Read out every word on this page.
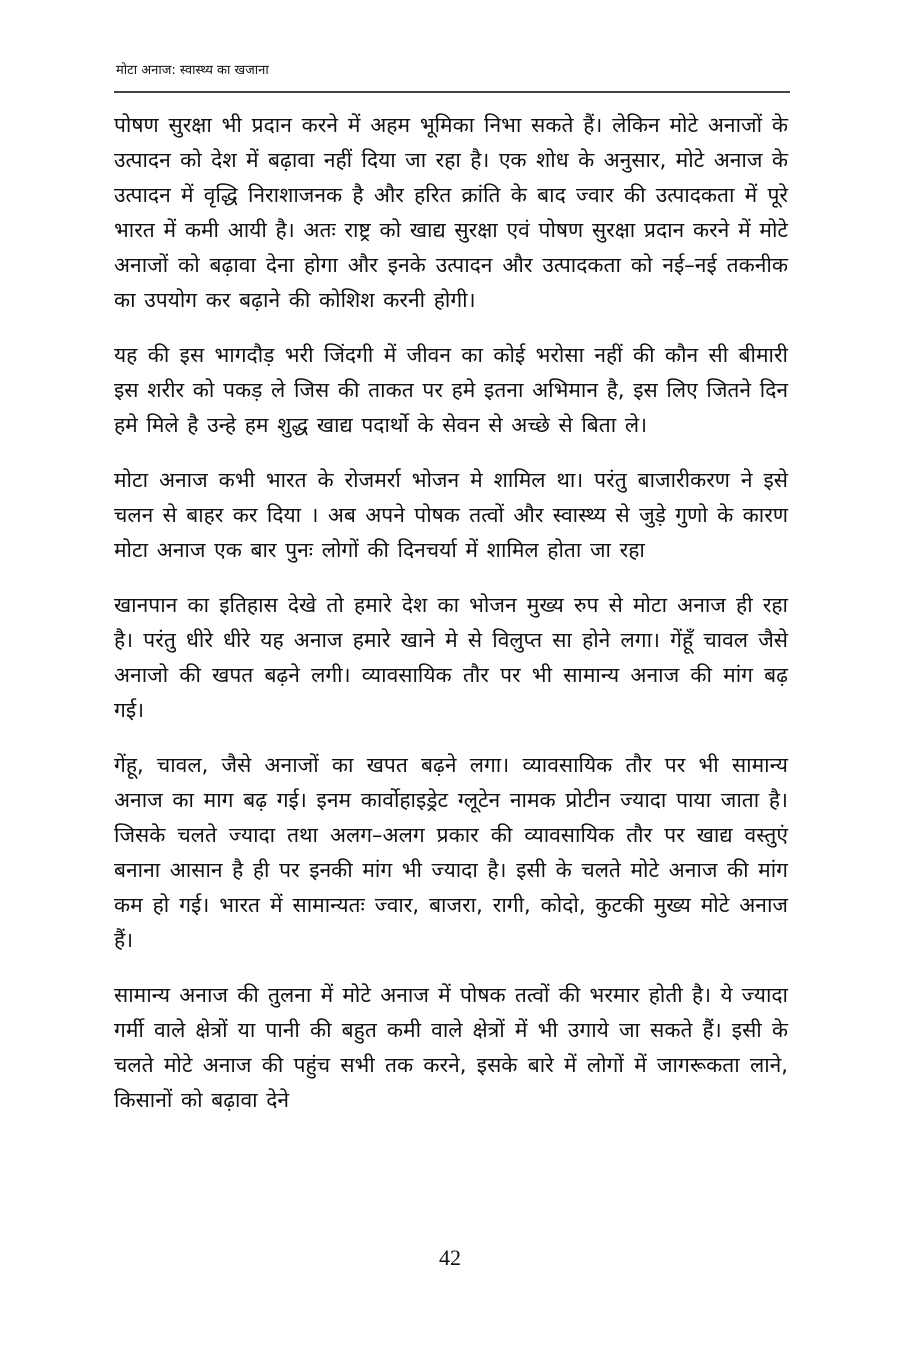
मोटा अनाज: स्वास्थ्य का खजाना

पोषण सुरक्षा भी प्रदान करने में अहम भूमिका निभा सकते हैं। लेकिन मोटे अनाजों के उत्पादन को देश में बढ़ावा नहीं दिया जा रहा है। एक शोध के अनुसार, मोटे अनाज के उत्पादन में वृद्धि निराशाजनक है और हरित क्रांति के बाद ज्वार की उत्पादकता में पूरे भारत में कमी आयी है। अतः राष्ट्र को खाद्य सुरक्षा एवं पोषण सुरक्षा प्रदान करने में मोटे अनाजों को बढ़ावा देना होगा और इनके उत्पादन और उत्पादकता को नई–नई तकनीक का उपयोग कर बढ़ाने की कोशिश करनी होगी।

यह की इस भागदौड़ भरी जिंदगी में जीवन का कोई भरोसा नहीं की कौन सी बीमारी इस शरीर को पकड़ ले जिस की ताकत पर हमे इतना अभिमान है, इस लिए जितने दिन हमे मिले है उन्हे हम शुद्ध खाद्य पदार्थो के सेवन से अच्छे से बिता ले।

मोटा अनाज कभी भारत के रोजमर्रा भोजन मे शामिल था। परंतु बाजारीकरण ने इसे चलन से बाहर कर दिया । अब अपने पोषक तत्वों और स्वास्थ्य से जुड़े गुणो के कारण मोटा अनाज एक बार पुनः लोगों की दिनचर्या में शामिल होता जा रहा

खानपान का इतिहास देखे तो हमारे देश का भोजन मुख्य रुप से मोटा अनाज ही रहा है। परंतु धीरे धीरे यह अनाज हमारे खाने मे से विलुप्त सा होने लगा। गेंहूँ चावल जैसे अनाजो की खपत बढ़ने लगी। व्यावसायिक तौर पर भी सामान्य अनाज की मांग बढ़ गई।

गेंहू, चावल, जैसे अनाजों का खपत बढ़ने लगा। व्यावसायिक तौर पर भी सामान्य अनाज का माग बढ़ गई। इनम कार्वोहाइड्रेट ग्लूटेन नामक प्रोटीन ज्यादा पाया जाता है। जिसके चलते ज्यादा तथा अलग–अलग प्रकार की व्यावसायिक तौर पर खाद्य वस्तुएं बनाना आसान है ही पर इनकी मांग भी ज्यादा है। इसी के चलते मोटे अनाज की मांग कम हो गई। भारत में सामान्यतः ज्वार, बाजरा, रागी, कोदो, कुटकी मुख्य मोटे अनाज हैं।

सामान्य अनाज की तुलना में मोटे अनाज में पोषक तत्वों की भरमार होती है। ये ज्यादा गर्मी वाले क्षेत्रों या पानी की बहुत कमी वाले क्षेत्रों में भी उगाये जा सकते हैं। इसी के चलते मोटे अनाज की पहुंच सभी तक करने, इसके बारे में लोगों में जागरूकता लाने, किसानों को बढ़ावा देने

42
